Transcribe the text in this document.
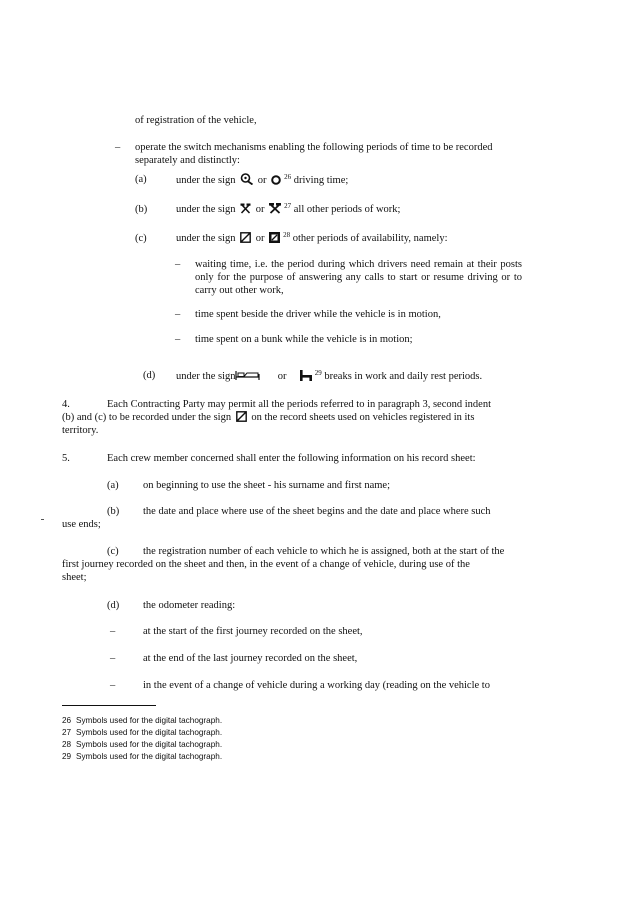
of registration of the vehicle,
– operate the switch mechanisms enabling the following periods of time to be recorded
separately and distinctly:
(a)	under the sign or	$^{26}$ driving time;
(b)	under the sign or	$^{27}$ all other periods of work;
(c)	under the sign or	$^{28}$ other periods of availability, namely:
– waiting time, i.e. the period during which drivers need remain at their posts only for the purpose of answering any calls to start or resume driving or to carry out other work,
– time spent beside the driver while the vehicle is in motion,
– time spent on a bunk while the vehicle is in motion;
(d) under the sign	or	$^{29}$ breaks in work and daily rest periods.
4.	Each Contracting Party may permit all the periods referred to in paragraph 3, second indent
(b) and (c) to be recorded under the sign on the record sheets used on vehicles registered in its
territory.
5.	Each crew member concerned shall enter the following information on his record sheet:
(a) on beginning to use the sheet - his surname and first name;
(b) the date and place where use of the sheet begins and the date and place where such
use ends;
(c) the registration number of each vehicle to which he is assigned, both at the start of the
first journey recorded on the sheet and then, in the event of a change of vehicle, during use of the
sheet;
(d) the odometer reading:
–	at the start of the first journey recorded on the sheet,
–	at the end of the last journey recorded on the sheet,
–	in the event of a change of vehicle during a working day (reading on the vehicle to
26 Symbols used for the digital tachograph.
27 Symbols used for the digital tachograph.
28 Symbols used for the digital tachograph.
29 Symbols used for the digital tachograph.
